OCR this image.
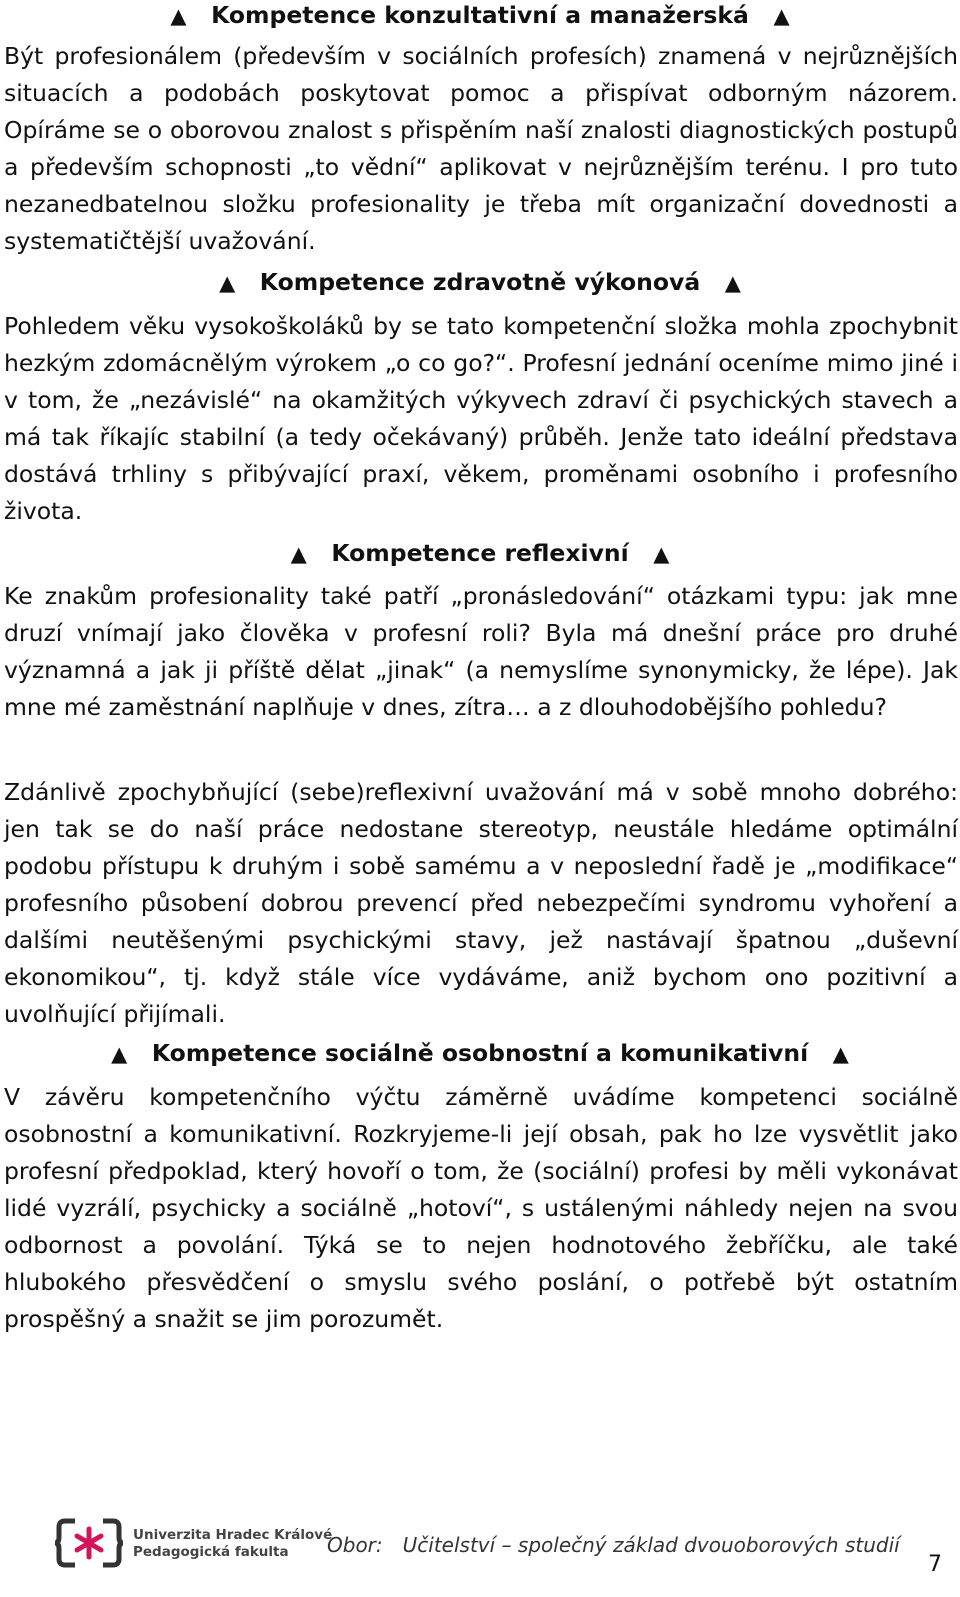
▲ Kompetence konzultativní a manažerská ▲

Být profesionálem (především v sociálních profesích) znamená v nejrůznějších situacích a podobách poskytovat pomoc a přispívat odborným názorem. Opíráme se o oborovou znalost s přispěním naší znalosti diagnostických postupů a především schopnosti „to vědní“ aplikovat v nejrůznějším terénu. I pro tuto nezanedbatelnou složku profesionality je třeba mít organizační dovednosti a systematičtější uvažování.

▲ Kompetence zdravotně výkonová ▲

Pohledem věku vysokoškoláků by se tato kompetenční složka mohla zpochybnit hezkým zdomácnělým výrokem „o co go?“. Profesní jednání oceníme mimo jiné i v tom, že „nezávislé“ na okamžitých výkyvech zdraví či psychických stavech a má tak říkajíc stabilní (a tedy očekávaný) průběh. Jenže tato ideální představa dostává trhliny s přibývající praxí, věkem, proměnami osobního i profesního života.

▲ Kompetence reflexivní ▲

Ke znakům profesionality také patří „pronásledování“ otázkami typu: jak mne druzí vnímají jako člověka v profesní roli? Byla má dnešní práce pro druhé významná a jak ji příště dělat „jinak“ (a nemyslíme synonymicky, že lépe). Jak mne mé zaměstnání naplňuje v dnes, zítra… a z dlouhodobějšího pohledu?

Zdánlivě zpochybňující (sebe)reflexivní uvažování má v sobě mnoho dobrého: jen tak se do naší práce nedostane stereotyp, neustále hledáme optimální podobu přístupu k druhým i sobě samému a v neposlední řadě je „modifikace“ profesního působení dobrou prevencí před nebezpečími syndromu vyhoření a dalšími neutěšenými psychickými stavy, jež nastávají špatnou „duševní ekonomikou“, tj. když stále více vydáváme, aniž bychom ono pozitivní a uvolňující přijímali.

▲ Kompetence sociálně osobnostní a komunikativní ▲

V závěru kompetenčního výčtu záměrně uvádíme kompetenci sociálně osobnostní a komunikativní. Rozkryjeme-li její obsah, pak ho lze vysvětlit jako profesní předpoklad, který hovoří o tom, že (sociální) profesi by měli vykonávat lidé vyzrálí, psychicky a sociálně „hotoví“, s ustálenými náhledy nejen na svou odbornost a povolání. Týká se to nejen hodnotového žebříčku, ale také hlubokého přesvědčení o smyslu svého poslání, o potřebě být ostatním prospěšný a snažit se jim porozumět.

Univerzita Hradec Králové
Pedagogická fakulta	Obor: Učitelství – společný základ dvouoborových studií
7
